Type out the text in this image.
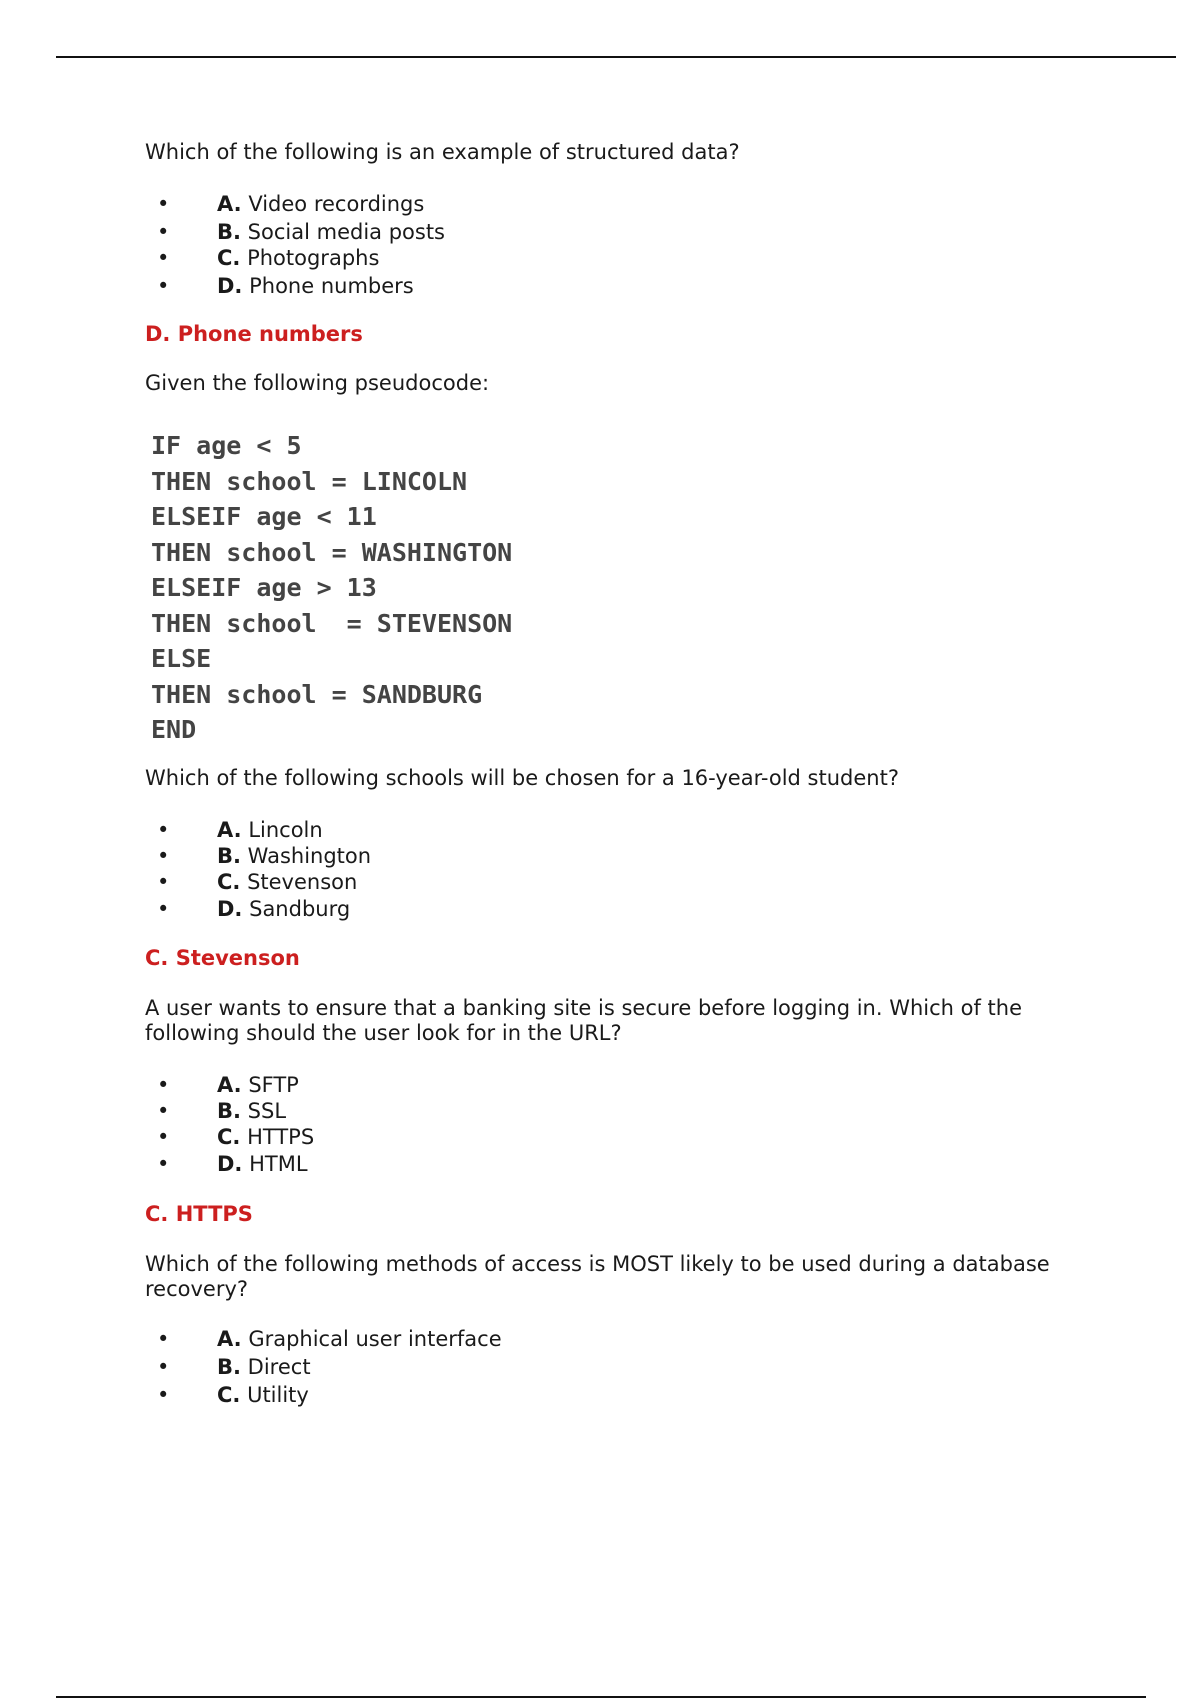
Which of the following is an example of structured data?

• A. Video recordings
• B. Social media posts
• C. Photographs
• D. Phone numbers

D. Phone numbers

Given the following pseudocode:

IF age < 5
THEN school = LINCOLN
ELSEIF age < 11
THEN school = WASHINGTON
ELSEIF age > 13
THEN school  = STEVENSON
ELSE
THEN school = SANDBURG
END

Which of the following schools will be chosen for a 16-year-old student?

• A. Lincoln
• B. Washington
• C. Stevenson
• D. Sandburg

C. Stevenson

A user wants to ensure that a banking site is secure before logging in. Which of the following should the user look for in the URL?

• A. SFTP
• B. SSL
• C. HTTPS
• D. HTML

C. HTTPS

Which of the following methods of access is MOST likely to be used during a database recovery?

• A. Graphical user interface
• B. Direct
• C. Utility
